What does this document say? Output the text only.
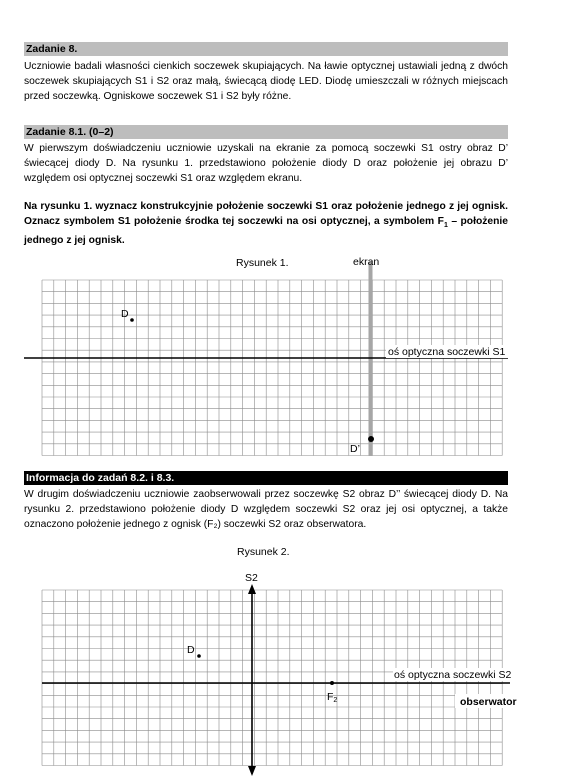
Zadanie 8.
Uczniowie badali własności cienkich soczewek skupiających. Na ławie optycznej ustawiali jedną z dwóch soczewek skupiających S1 i S2 oraz małą, świecącą diodę LED. Diodę umieszczali w różnych miejscach przed soczewką. Ogniskowe soczewek S1 i S2 były różne.
Zadanie 8.1. (0–2)
W pierwszym doświadczeniu uczniowie uzyskali na ekranie za pomocą soczewki S1 ostry obraz D’ świecącej diody D. Na rysunku 1. przedstawiono położenie diody D oraz położenie jej obrazu D’ względem osi optycznej soczewki S1 oraz względem ekranu.
Na rysunku 1. wyznacz konstrukcyjnie położenie soczewki S1 oraz położenie jednego z jej ognisk. Oznacz symbolem S1 położenie środka tej soczewki na osi optycznej, a symbolem $F_1$ – położenie jednego z jej ognisk.
D
D’
Rysunek 1.	ekran
oś optyczna soczewki S1
Informacja do zadań 8.2. i 8.3.
W drugim doświadczeniu uczniowie zaobserwowali przez soczewkę S2 obraz D’’ świecącej diody D. Na rysunku 2. przedstawiono położenie diody D względem soczewki S2 oraz jej osi optycznej, a także oznaczono położenie jednego z ognisk (F₂) soczewki S2 oraz obserwatora.
D
F2
Rysunek 2.
S2
oś optyczna soczewki S2
obserwator
